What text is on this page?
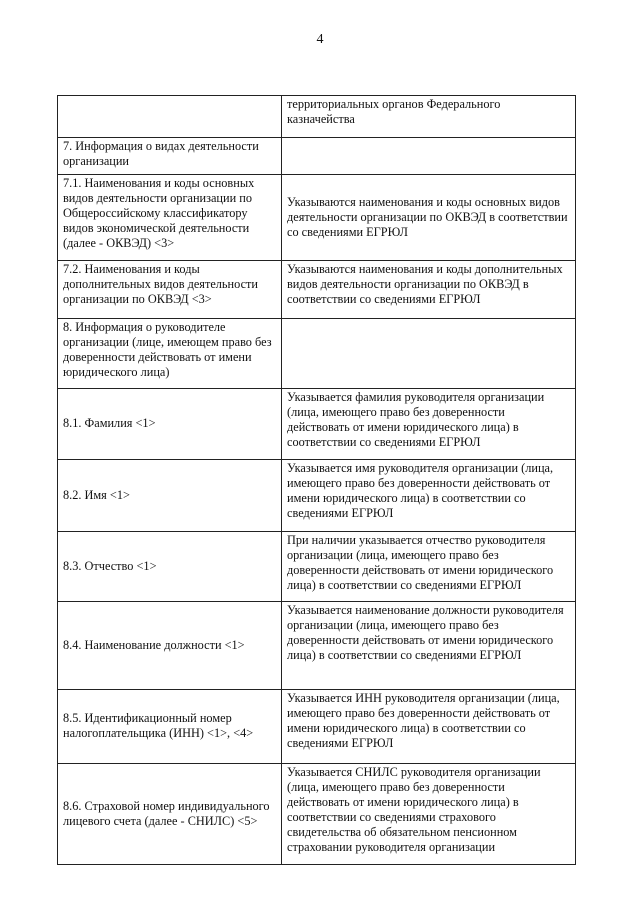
4
	территориальных органов Федерального казначейства
7. Информация о видах деятельности организации	
7.1. Наименования и коды основных видов деятельности организации по Общероссийскому классификатору видов экономической деятельности (далее - ОКВЭД) <3>	Указываются наименования и коды основных видов деятельности организации по ОКВЭД в соответствии со сведениями ЕГРЮЛ
7.2. Наименования и коды дополнительных видов деятельности организации по ОКВЭД <3>	Указываются наименования и коды дополнительных видов деятельности организации по ОКВЭД в соответствии со сведениями ЕГРЮЛ
8. Информация о руководителе организации (лице, имеющем право без доверенности действовать от имени юридического лица)	
8.1. Фамилия <1>	Указывается фамилия руководителя организации (лица, имеющего право без доверенности действовать от имени юридического лица) в соответствии со сведениями ЕГРЮЛ
8.2. Имя <1>	Указывается имя руководителя организации (лица, имеющего право без доверенности действовать от имени юридического лица) в соответствии со сведениями ЕГРЮЛ
8.3. Отчество <1>	При наличии указывается отчество руководителя организации (лица, имеющего право без доверенности действовать от имени юридического лица) в соответствии со сведениями ЕГРЮЛ
8.4. Наименование должности <1>	Указывается наименование должности руководителя организации (лица, имеющего право без доверенности действовать от имени юридического лица) в соответствии со сведениями ЕГРЮЛ
8.5. Идентификационный номер налогоплательщика (ИНН) <1>, <4>	Указывается ИНН руководителя организации (лица, имеющего право без доверенности действовать от имени юридического лица) в соответствии со сведениями ЕГРЮЛ
8.6. Страховой номер индивидуального лицевого счета (далее - СНИЛС) <5>	Указывается СНИЛС руководителя организации (лица, имеющего право без доверенности действовать от имени юридического лица) в соответствии со сведениями страхового свидетельства об обязательном пенсионном страховании руководителя организации
